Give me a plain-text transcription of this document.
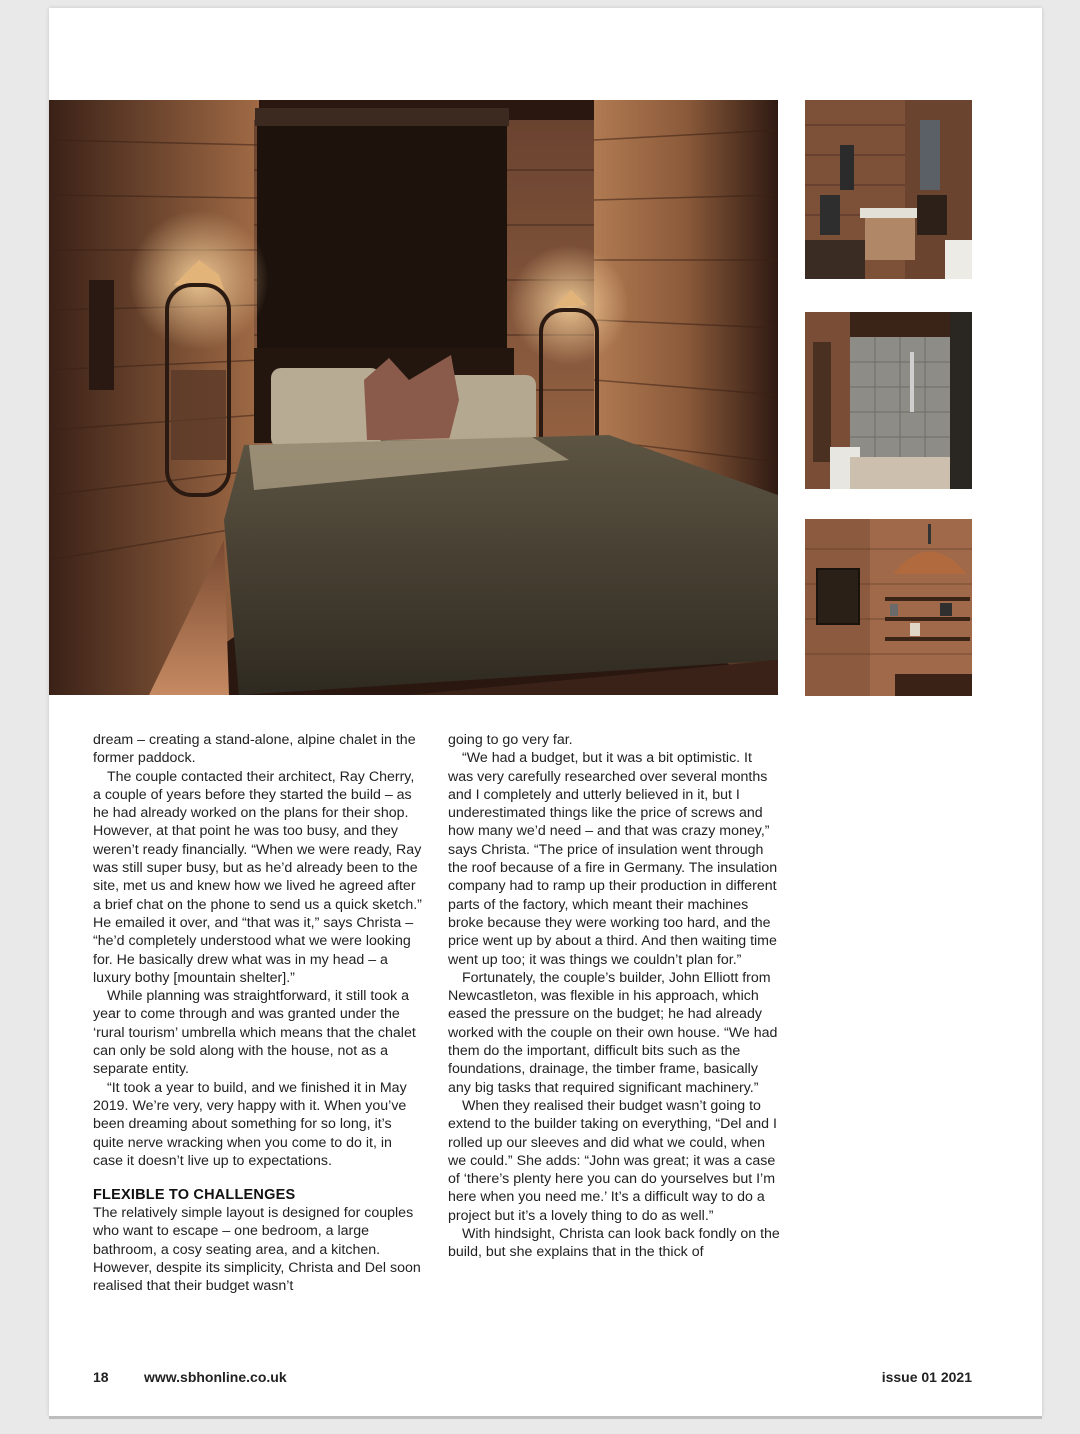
dream – creating a stand-alone, alpine chalet in the former paddock.

The couple contacted their architect, Ray Cherry, a couple of years before they started the build – as he had already worked on the plans for their shop. However, at that point he was too busy, and they weren’t ready financially. “When we were ready, Ray was still super busy, but as he’d already been to the site, met us and knew how we lived he agreed after a brief chat on the phone to send us a quick sketch.” He emailed it over, and “that was it,” says Christa – “he’d completely understood what we were looking for. He basically drew what was in my head – a luxury bothy [mountain shelter].”

While planning was straightforward, it still took a year to come through and was granted under the ‘rural tourism’ umbrella which means that the chalet can only be sold along with the house, not as a separate entity.

“It took a year to build, and we finished it in May 2019. We’re very, very happy with it. When you’ve been dreaming about something for so long, it’s quite nerve wracking when you come to do it, in case it doesn’t live up to expectations.

FLEXIBLE TO CHALLENGES

The relatively simple layout is designed for couples who want to escape – one bedroom, a large bathroom, a cosy seating area, and a kitchen. However, despite its simplicity, Christa and Del soon realised that their budget wasn’t

going to go very far.

“We had a budget, but it was a bit optimistic. It was very carefully researched over several months and I completely and utterly believed in it, but I underestimated things like the price of screws and how many we’d need – and that was crazy money,” says Christa. “The price of insulation went through the roof because of a fire in Germany. The insulation company had to ramp up their production in different parts of the factory, which meant their machines broke because they were working too hard, and the price went up by about a third. And then waiting time went up too; it was things we couldn’t plan for.”

Fortunately, the couple’s builder, John Elliott from Newcastleton, was flexible in his approach, which eased the pressure on the budget; he had already worked with the couple on their own house. “We had them do the important, difficult bits such as the foundations, drainage, the timber frame, basically any big tasks that required significant machinery.”

When they realised their budget wasn’t going to extend to the builder taking on everything, “Del and I rolled up our sleeves and did what we could, when we could.” She adds: “John was great; it was a case of ‘there’s plenty here you can do yourselves but I’m here when you need me.’ It’s a difficult way to do a project but it’s a lovely thing to do as well.”

With hindsight, Christa can look back fondly on the build, but she explains that in the thick of

18	www.sbhonline.co.uk	issue 01 2021
